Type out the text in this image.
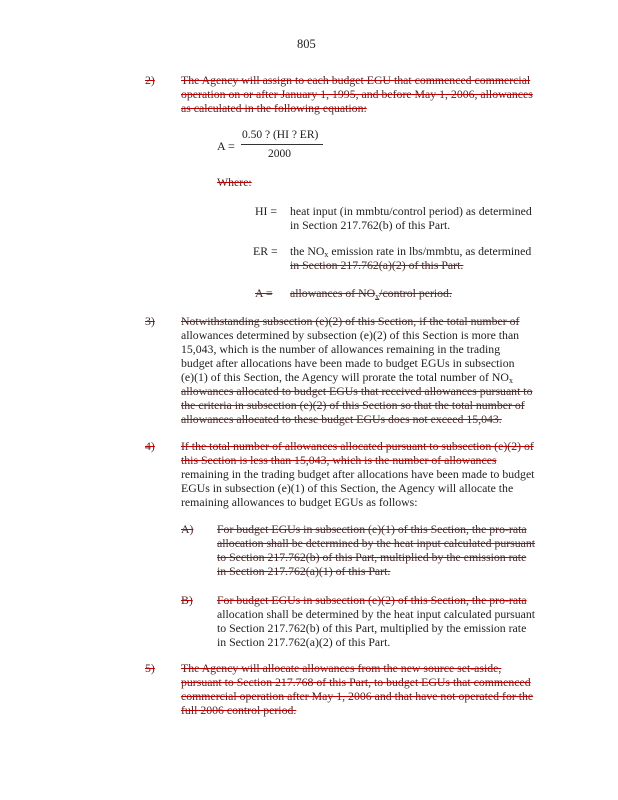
805
2) The Agency will assign to each budget EGU that commenced commercial
operation on or after January 1, 1995, and before May 1, 2006, allowances
as calculated in the following equation:
A =
0.50 ? (HI ? ER)
2000
Where:
HI = heat input (in mmbtu/control period) as determined
in Section 217.762(b) of this Part.
ER = the $NO_x$ emission rate in lbs/mmbtu, as determined
in Section 217.762(a)(2) of this Part.
A = allowances of $NO_x$/control period.
3) Notwithstanding subsection (e)(2) of this Section, if the total number of
allowances determined by subsection (e)(2) of this Section is more than
15,043, which is the number of allowances remaining in the trading
budget after allocations have been made to budget EGUs in subsection
(e)(1) of this Section, the Agency will prorate the total number of $NO_x$
allowances allocated to budget EGUs that received allowances pursuant to
the criteria in subsection (e)(2) of this Section so that the total number of
allowances allocated to these budget EGUs does not exceed 15,043.
4) If the total number of allowances allocated pursuant to subsection (e)(2) of
this Section is less than 15,043, which is the number of allowances
remaining in the trading budget after allocations have been made to budget
EGUs in subsection (e)(1) of this Section, the Agency will allocate the
remaining allowances to budget EGUs as follows:
A) For budget EGUs in subsection (e)(1) of this Section, the pro-rata
allocation shall be determined by the heat input calculated pursuant
to Section 217.762(b) of this Part, multiplied by the emission rate
in Section 217.762(a)(1) of this Part.
B) For budget EGUs in subsection (e)(2) of this Section, the pro-rata
allocation shall be determined by the heat input calculated pursuant
to Section 217.762(b) of this Part, multiplied by the emission rate
in Section 217.762(a)(2) of this Part.
5) The Agency will allocate allowances from the new source set-aside,
pursuant to Section 217.768 of this Part, to budget EGUs that commenced
commercial operation after May 1, 2006 and that have not operated for the
full 2006 control period.
